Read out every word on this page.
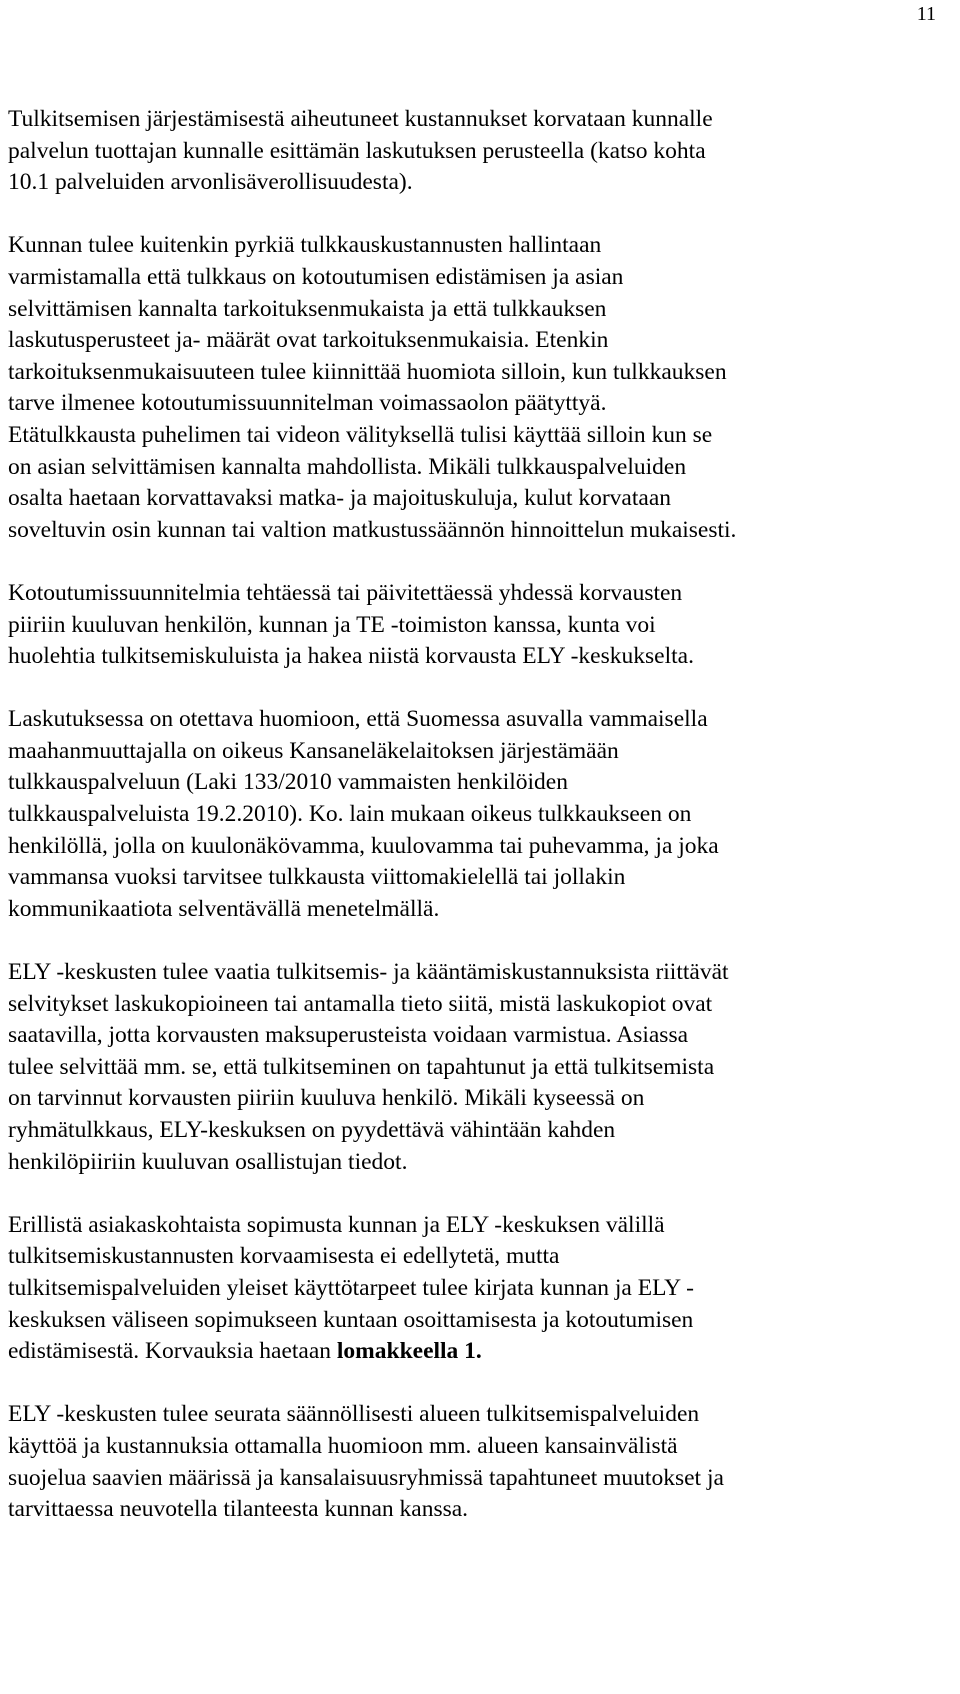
11

Tulkitsemisen järjestämisestä aiheutuneet kustannukset korvataan kunnalle
palvelun tuottajan kunnalle esittämän laskutuksen perusteella (katso kohta
10.1 palveluiden arvonlisäverollisuudesta).

Kunnan tulee kuitenkin pyrkiä tulkkauskustannusten hallintaan
varmistamalla että tulkkaus on kotoutumisen edistämisen ja asian
selvittämisen kannalta tarkoituksenmukaista ja että tulkkauksen
laskutusperusteet ja- määrät ovat tarkoituksenmukaisia. Etenkin
tarkoituksenmukaisuuteen tulee kiinnittää huomiota silloin, kun tulkkauksen
tarve ilmenee kotoutumissuunnitelman voimassaolon päätyttyä.
Etätulkkausta puhelimen tai videon välityksellä tulisi käyttää silloin kun se
on asian selvittämisen kannalta mahdollista. Mikäli tulkkauspalveluiden
osalta haetaan korvattavaksi matka- ja majoituskuluja, kulut korvataan
soveltuvin osin kunnan tai valtion matkustussäännön hinnoittelun mukaisesti.

Kotoutumissuunnitelmia tehtäessä tai päivitettäessä yhdessä korvausten
piiriin kuuluvan henkilön, kunnan ja TE -toimiston kanssa, kunta voi
huolehtia tulkitsemiskuluista ja hakea niistä korvausta ELY -keskukselta.

Laskutuksessa on otettava huomioon, että Suomessa asuvalla vammaisella
maahanmuuttajalla on oikeus Kansaneläkelaitoksen järjestämään
tulkkauspalveluun (Laki 133/2010 vammaisten henkilöiden
tulkkauspalveluista 19.2.2010). Ko. lain mukaan oikeus tulkkaukseen on
henkilöllä, jolla on kuulonäkövamma, kuulovamma tai puhevamma, ja joka
vammansa vuoksi tarvitsee tulkkausta viittomakielellä tai jollakin
kommunikaatiota selventävällä menetelmällä.

ELY -keskusten tulee vaatia tulkitsemis- ja kääntämiskustannuksista riittävät
selvitykset laskukopioineen tai antamalla tieto siitä, mistä laskukopiot ovat
saatavilla, jotta korvausten maksuperusteista voidaan varmistua. Asiassa
tulee selvittää mm. se, että tulkitseminen on tapahtunut ja että tulkitsemista
on tarvinnut korvausten piiriin kuuluva henkilö. Mikäli kyseessä on
ryhmätulkkaus, ELY-keskuksen on pyydettävä vähintään kahden
henkilöpiiriin kuuluvan osallistujan tiedot.

Erillistä asiakaskohtaista sopimusta kunnan ja ELY -keskuksen välillä
tulkitsemiskustannusten korvaamisesta ei edellytetä, mutta
tulkitsemispalveluiden yleiset käyttötarpeet tulee kirjata kunnan ja ELY -
keskuksen väliseen sopimukseen kuntaan osoittamisesta ja kotoutumisen
edistämisestä. Korvauksia haetaan lomakkeella 1.

ELY -keskusten tulee seurata säännöllisesti alueen tulkitsemispalveluiden
käyttöä ja kustannuksia ottamalla huomioon mm. alueen kansainvälistä
suojelua saavien määrissä ja kansalaisuusryhmissä tapahtuneet muutokset ja
tarvittaessa neuvotella tilanteesta kunnan kanssa.
